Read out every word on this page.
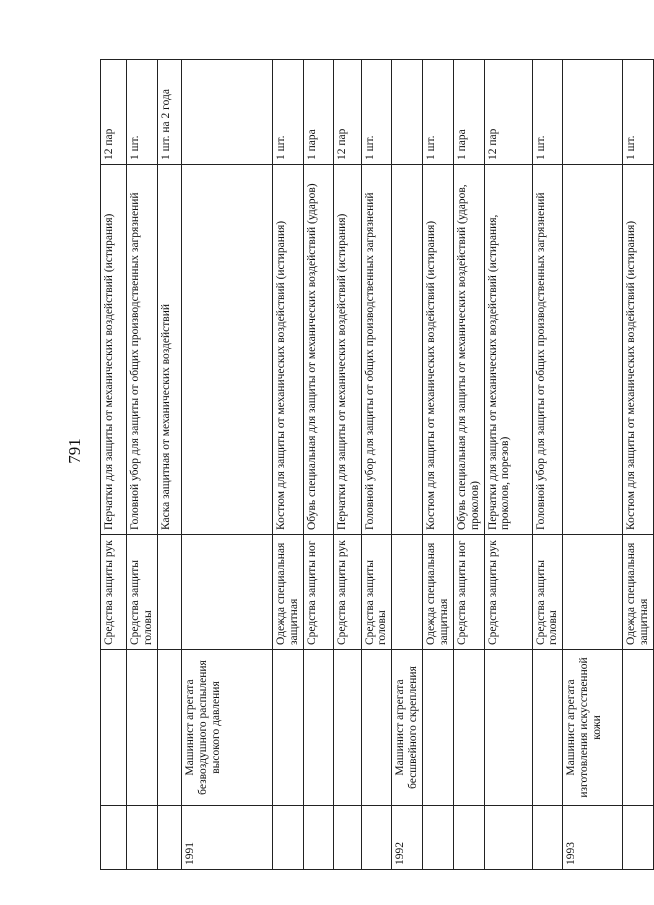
791
		Средства защиты рук	Перчатки для защиты от механических воздействий (истирания)	12 пар
		Средства защиты головы	Головной убор для защиты от общих производственных загрязнений	1 шт.
			Каска защитная от механических воздействий	1 шт. на 2 года
1991	Машинист агрегата безвоздушного распыления высокого давления			
		Одежда специальная защитная	Костюм для защиты от механических воздействий (истирания)	1 шт.
		Средства защиты ног	Обувь специальная для защиты от механических воздействий (ударов)	1 пара
		Средства защиты рук	Перчатки для защиты от механических воздействий (истирания)	12 пар
		Средства защиты головы	Головной убор для защиты от общих производственных загрязнений	1 шт.
1992	Машинист агрегата бесшвейного скрепления			
		Одежда специальная защитная	Костюм для защиты от механических воздействий (истирания)	1 шт.
		Средства защиты ног	Обувь специальная для защиты от механических воздействий (ударов, проколов)	1 пара
		Средства защиты рук	Перчатки для защиты от механических воздействий (истирания, проколов, порезов)	12 пар
		Средства защиты головы	Головной убор для защиты от общих производственных загрязнений	1 шт.
1993	Машинист агрегата изготовления искусственной кожи			
		Одежда специальная защитная	Костюм для защиты от механических воздействий (истирания)	1 шт.
